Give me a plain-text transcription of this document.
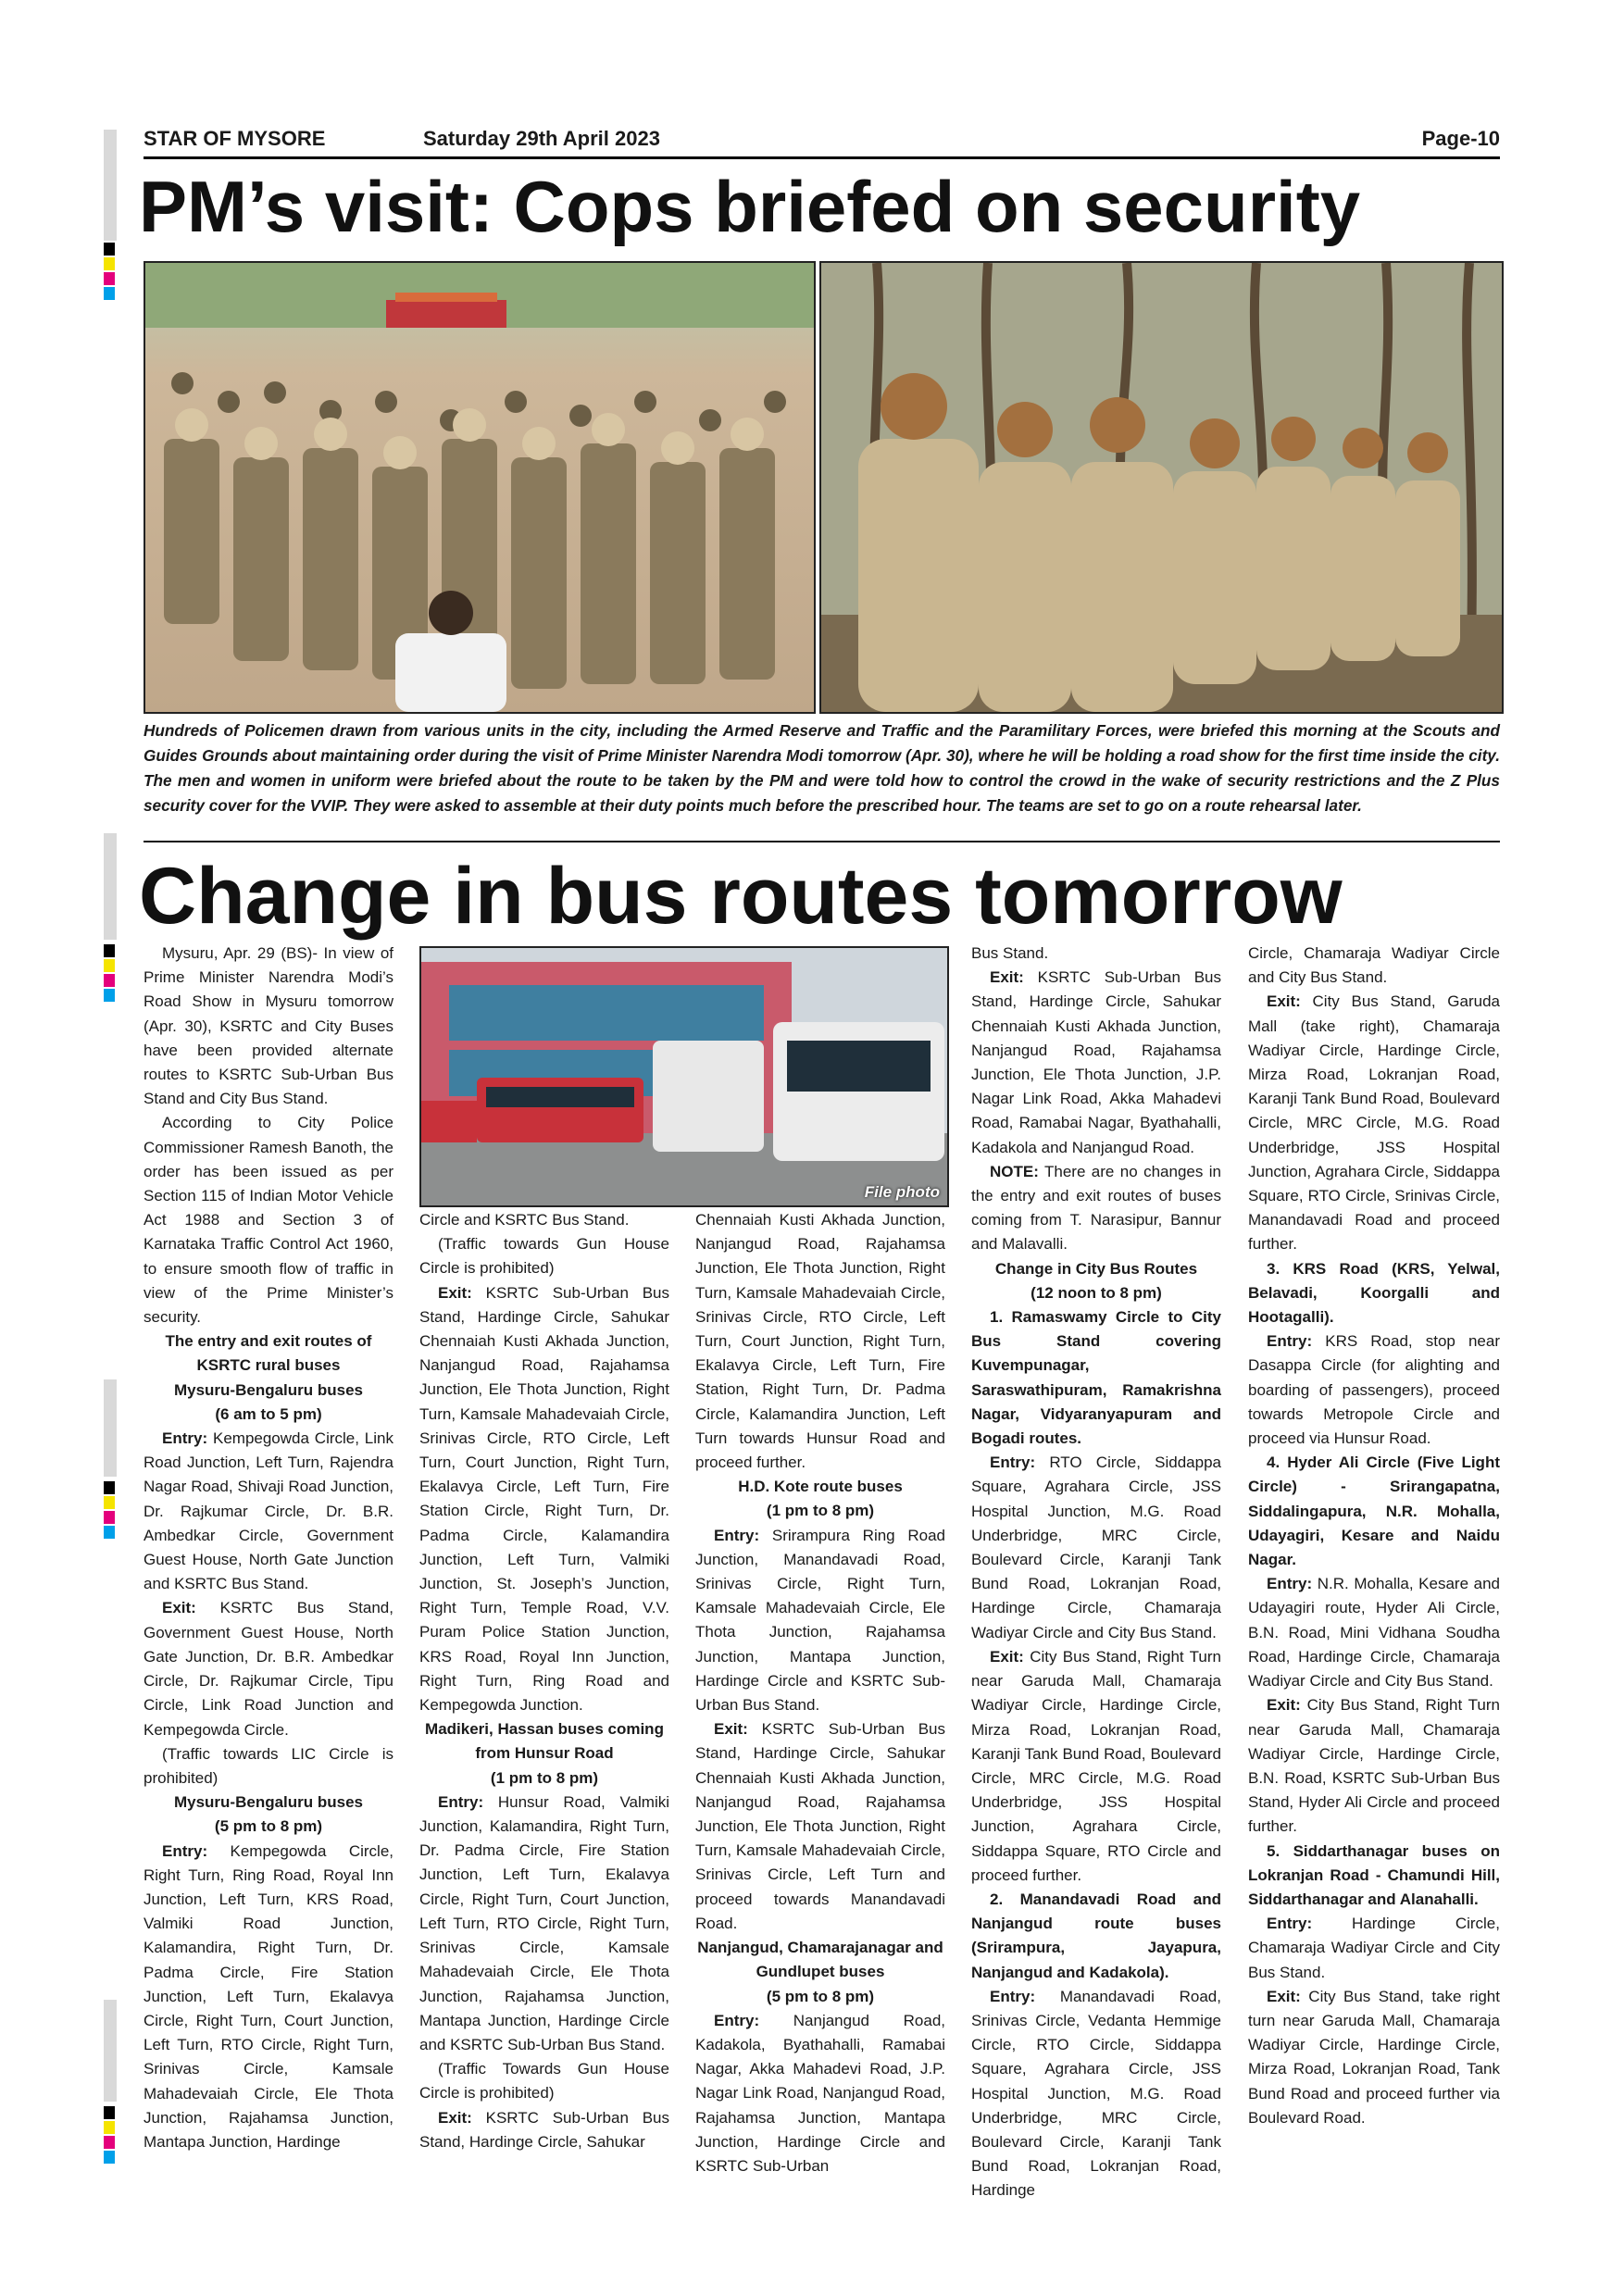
STAR OF MYSORE	Saturday 29th April 2023	Page-10
PM’s visit: Cops briefed on security
Hundreds of Policemen drawn from various units in the city, including the Armed Reserve and Traffic and the Paramilitary Forces, were briefed this morning at the Scouts and Guides Grounds about maintaining order during the visit of Prime Minister Narendra Modi tomorrow (Apr. 30), where he will be holding a road show for the first time inside the city. The men and women in uniform were briefed about the route to be taken by the PM and were told how to control the crowd in the wake of security restrictions and the Z Plus security cover for the VVIP. They were asked to assemble at their duty points much before the prescribed hour. The teams are set to go on a route rehearsal later.
Change in bus routes tomorrow
File photo

Mysuru, Apr. 29 (BS)- In view of Prime Minister Narendra Modi’s Road Show in Mysuru tomorrow (Apr. 30), KSRTC and City Buses have been provided alternate routes to KSRTC Sub-Urban Bus Stand and City Bus Stand.

According to City Police Commissioner Ramesh Banoth, the order has been issued as per Section 115 of Indian Motor Vehicle Act 1988 and Section 3 of Karnataka Traffic Control Act 1960, to ensure smooth flow of traffic in view of the Prime Minister’s security.

The entry and exit routes of KSRTC rural buses

Mysuru-Bengaluru buses

(6 am to 5 pm)

Entry: Kempegowda Circle, Link Road Junction, Left Turn, Rajendra Nagar Road, Shivaji Road Junction, Dr. Rajkumar Circle, Dr. B.R. Ambedkar Circle, Government Guest House, North Gate Junction and KSRTC Bus Stand.

Exit: KSRTC Bus Stand, Government Guest House, North Gate Junction, Dr. B.R. Ambedkar Circle, Dr. Rajkumar Circle, Tipu Circle, Link Road Junction and Kempegowda Circle.

(Traffic towards LIC Circle is prohibited)

Mysuru-Bengaluru buses

(5 pm to 8 pm)

Entry: Kempegowda Circle, Right Turn, Ring Road, Royal Inn Junction, Left Turn, KRS Road, Valmiki Road Junction, Kalamandira, Right Turn, Dr. Padma Circle, Fire Station Junction, Left Turn, Ekalavya Circle, Right Turn, Court Junction, Left Turn, RTO Circle, Right Turn, Srinivas Circle, Kamsale Mahadevaiah Circle, Ele Thota Junction, Rajahamsa Junction, Mantapa Junction, Hardinge

Circle and KSRTC Bus Stand.

(Traffic towards Gun House Circle is prohibited)

Exit: KSRTC Sub-Urban Bus Stand, Hardinge Circle, Sahukar Chennaiah Kusti Akhada Junction, Nanjangud Road, Rajahamsa Junction, Ele Thota Junction, Right Turn, Kamsale Mahadevaiah Circle, Srinivas Circle, RTO Circle, Left Turn, Court Junction, Right Turn, Ekalavya Circle, Left Turn, Fire Station Circle, Right Turn, Dr. Padma Circle, Kalamandira Junction, Left Turn, Valmiki Junction, St. Joseph’s Junction, Right Turn, Temple Road, V.V. Puram Police Station Junction, KRS Road, Royal Inn Junction, Right Turn, Ring Road and Kempegowda Junction.

Madikeri, Hassan buses coming from Hunsur Road

(1 pm to 8 pm)

Entry: Hunsur Road, Valmiki Junction, Kalamandira, Right Turn, Dr. Padma Circle, Fire Station Junction, Left Turn, Ekalavya Circle, Right Turn, Court Junction, Left Turn, RTO Circle, Right Turn, Srinivas Circle, Kamsale Mahadevaiah Circle, Ele Thota Junction, Rajahamsa Junction, Mantapa Junction, Hardinge Circle and KSRTC Sub-Urban Bus Stand.

(Traffic Towards Gun House Circle is prohibited)

Exit: KSRTC Sub-Urban Bus Stand, Hardinge Circle, Sahukar

Chennaiah Kusti Akhada Junction, Nanjangud Road, Rajahamsa Junction, Ele Thota Junction, Right Turn, Kamsale Mahadevaiah Circle, Srinivas Circle, RTO Circle, Left Turn, Court Junction, Right Turn, Ekalavya Circle, Left Turn, Fire Station, Right Turn, Dr. Padma Circle, Kalamandira Junction, Left Turn towards Hunsur Road and proceed further.

H.D. Kote route buses

(1 pm to 8 pm)

Entry: Srirampura Ring Road Junction, Manandavadi Road, Srinivas Circle, Right Turn, Kamsale Mahadevaiah Circle, Ele Thota Junction, Rajahamsa Junction, Mantapa Junction, Hardinge Circle and KSRTC Sub-Urban Bus Stand.

Exit: KSRTC Sub-Urban Bus Stand, Hardinge Circle, Sahukar Chennaiah Kusti Akhada Junction, Nanjangud Road, Rajahamsa Junction, Ele Thota Junction, Right Turn, Kamsale Mahadevaiah Circle, Srinivas Circle, Left Turn and proceed towards Manandavadi Road.

Nanjangud, Chamarajanagar and Gundlupet buses

(5 pm to 8 pm)

Entry: Nanjangud Road, Kadakola, Byathahalli, Ramabai Nagar, Akka Mahadevi Road, J.P. Nagar Link Road, Nanjangud Road, Rajahamsa Junction, Mantapa Junction, Hardinge Circle and KSRTC Sub-Urban

Bus Stand.

Exit: KSRTC Sub-Urban Bus Stand, Hardinge Circle, Sahukar Chennaiah Kusti Akhada Junction, Nanjangud Road, Rajahamsa Junction, Ele Thota Junction, J.P. Nagar Link Road, Akka Mahadevi Road, Ramabai Nagar, Byathahalli, Kadakola and Nanjangud Road.

NOTE: There are no changes in the entry and exit routes of buses coming from T. Narasipur, Bannur and Malavalli.

Change in City Bus Routes

(12 noon to 8 pm)

1. Ramaswamy Circle to City Bus Stand covering Kuvempunagar, Saraswathipuram, Ramakrishna Nagar, Vidyaranyapuram and Bogadi routes.

Entry: RTO Circle, Siddappa Square, Agrahara Circle, JSS Hospital Junction, M.G. Road Underbridge, MRC Circle, Boulevard Circle, Karanji Tank Bund Road, Lokranjan Road, Hardinge Circle, Chamaraja Wadiyar Circle and City Bus Stand.

Exit: City Bus Stand, Right Turn near Garuda Mall, Chamaraja Wadiyar Circle, Hardinge Circle, Mirza Road, Lokranjan Road, Karanji Tank Bund Road, Boulevard Circle, MRC Circle, M.G. Road Underbridge, JSS Hospital Junction, Agrahara Circle, Siddappa Square, RTO Circle and proceed further.

2. Manandavadi Road and Nanjangud route buses (Srirampura, Jayapura, Nanjangud and Kadakola).

Entry: Manandavadi Road, Srinivas Circle, Vedanta Hemmige Circle, RTO Circle, Siddappa Square, Agrahara Circle, JSS Hospital Junction, M.G. Road Underbridge, MRC Circle, Boulevard Circle, Karanji Tank Bund Road, Lokranjan Road, Hardinge

Circle, Chamaraja Wadiyar Circle and City Bus Stand.

Exit: City Bus Stand, Garuda Mall (take right), Chamaraja Wadiyar Circle, Hardinge Circle, Mirza Road, Lokranjan Road, Karanji Tank Bund Road, Boulevard Circle, MRC Circle, M.G. Road Underbridge, JSS Hospital Junction, Agrahara Circle, Siddappa Square, RTO Circle, Srinivas Circle, Manandavadi Road and proceed further.

3. KRS Road (KRS, Yelwal, Belavadi, Koorgalli and Hootagalli).

Entry: KRS Road, stop near Dasappa Circle (for alighting and boarding of passengers), proceed towards Metropole Circle and proceed via Hunsur Road.

4. Hyder Ali Circle (Five Light Circle) - Srirangapatna, Siddalingapura, N.R. Mohalla, Udayagiri, Kesare and Naidu Nagar.

Entry: N.R. Mohalla, Kesare and Udayagiri route, Hyder Ali Circle, B.N. Road, Mini Vidhana Soudha Road, Hardinge Circle, Chamaraja Wadiyar Circle and City Bus Stand.

Exit: City Bus Stand, Right Turn near Garuda Mall, Chamaraja Wadiyar Circle, Hardinge Circle, B.N. Road, KSRTC Sub-Urban Bus Stand, Hyder Ali Circle and proceed further.

5. Siddarthanagar buses on Lokranjan Road - Chamundi Hill, Siddarthanagar and Alanahalli.

Entry:	Hardinge Circle, Chamaraja Wadiyar Circle and City Bus Stand.

Exit: City Bus Stand, take right turn near Garuda Mall, Chamaraja Wadiyar Circle, Hardinge Circle, Mirza Road, Lokranjan Road, Tank Bund Road and proceed further via Boulevard Road.
